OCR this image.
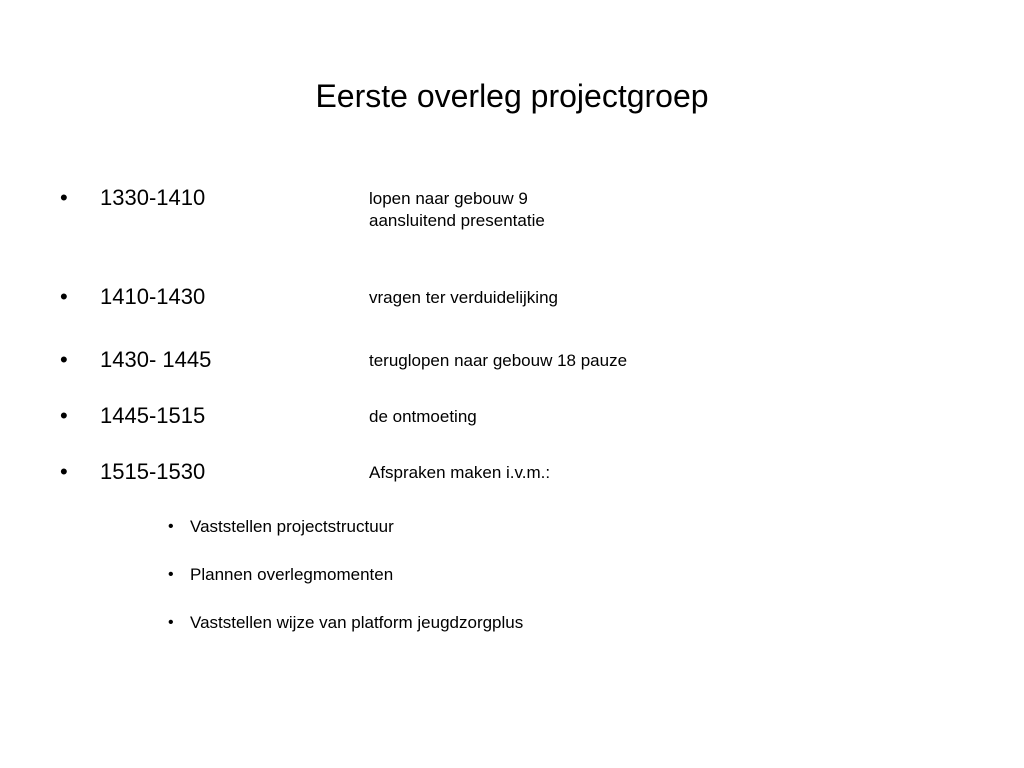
Eerste overleg projectgroep
• 1330-1410	lopen naar gebouw 9
aansluitend presentatie
• 1410-1430	vragen ter verduidelijking
• 1430- 1445	teruglopen naar gebouw 18 pauze
• 1445-1515	de ontmoeting
• 1515-1530	Afspraken maken i.v.m.:
• Vaststellen projectstructuur
• Plannen overlegmomenten
• Vaststellen wijze van platform jeugdzorgplus
